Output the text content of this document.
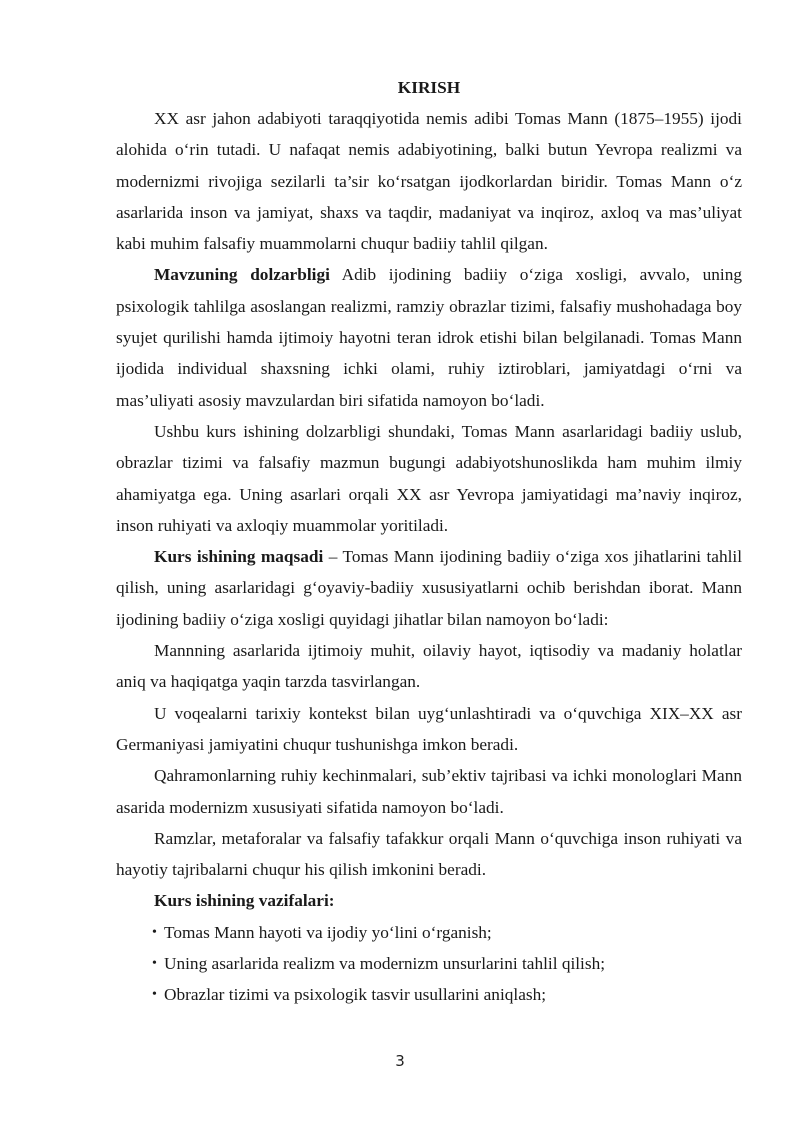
KIRISH

XX asr jahon adabiyoti taraqqiyotida nemis adibi Tomas Mann (1875–1955) ijodi alohida o‘rin tutadi. U nafaqat nemis adabiyotining, balki butun Yevropa realizmi va modernizmi rivojiga sezilarli ta’sir ko‘rsatgan ijodkorlardan biridir. Tomas Mann o‘z asarlarida inson va jamiyat, shaxs va taqdir, madaniyat va inqiroz, axloq va mas’uliyat kabi muhim falsafiy muammolarni chuqur badiiy tahlil qilgan.

Mavzuning dolzarbligi Adib ijodining badiiy o‘ziga xosligi, avvalo, uning psixologik tahlilga asoslangan realizmi, ramziy obrazlar tizimi, falsafiy mushohadaga boy syujet qurilishi hamda ijtimoiy hayotni teran idrok etishi bilan belgilanadi. Tomas Mann ijodida individual shaxsning ichki olami, ruhiy iztiroblari, jamiyatdagi o‘rni va mas’uliyati asosiy mavzulardan biri sifatida namoyon bo‘ladi.

Ushbu kurs ishining dolzarbligi shundaki, Tomas Mann asarlaridagi badiiy uslub, obrazlar tizimi va falsafiy mazmun bugungi adabiyotshunoslikda ham muhim ilmiy ahamiyatga ega. Uning asarlari orqali XX asr Yevropa jamiyatidagi ma’naviy inqiroz, inson ruhiyati va axloqiy muammolar yoritiladi.

Kurs ishining maqsadi – Tomas Mann ijodining badiiy o‘ziga xos jihatlarini tahlil qilish, uning asarlaridagi g‘oyaviy-badiiy xususiyatlarni ochib berishdan iborat. Mann ijodining badiiy o‘ziga xosligi quyidagi jihatlar bilan namoyon bo‘ladi:

Mannning asarlarida ijtimoiy muhit, oilaviy hayot, iqtisodiy va madaniy holatlar aniq va haqiqatga yaqin tarzda tasvirlangan.

U voqealarni tarixiy kontekst bilan uyg‘unlashtiradi va o‘quvchiga XIX–XX asr Germaniyasi jamiyatini chuqur tushunishga imkon beradi.

Qahramonlarning ruhiy kechinmalari, sub’ektiv tajribasi va ichki monologlari Mann asarida modernizm xususiyati sifatida namoyon bo‘ladi.

Ramzlar, metaforalar va falsafiy tafakkur orqali Mann o‘quvchiga inson ruhiyati va hayotiy tajribalarni chuqur his qilish imkonini beradi.

Kurs ishining vazifalari:
• Tomas Mann hayoti va ijodiy yo‘lini o‘rganish;
• Uning asarlarida realizm va modernizm unsurlarini tahlil qilish;
• Obrazlar tizimi va psixologik tasvir usullarini aniqlash;
3
